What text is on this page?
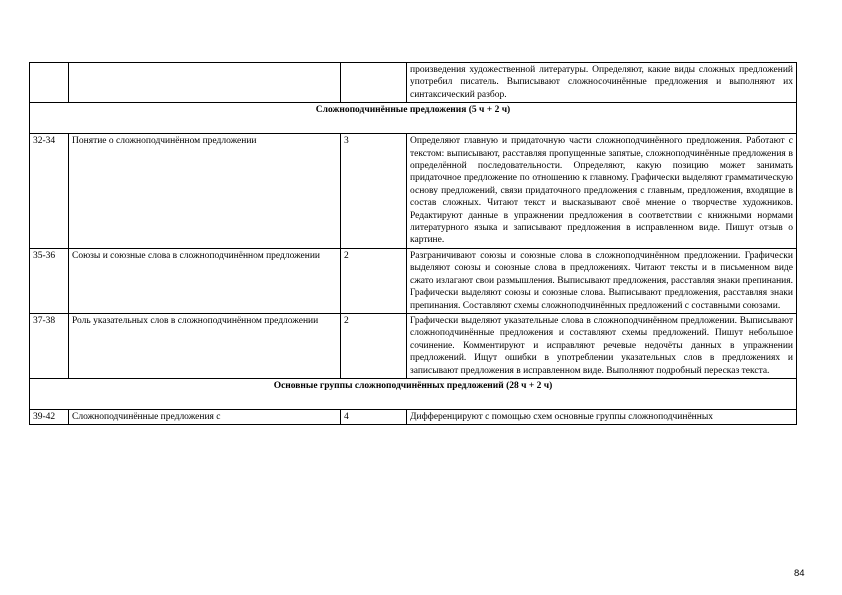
			произведения художественной литературы. Определяют, какие виды сложных предложений употребил писатель. Выписывают сложносочинённые предложения и выполняют их синтаксический разбор.
Сложноподчинённые предложения (5 ч + 2 ч)			
32-34	Понятие о сложноподчинённом предложении	3	Определяют главную и придаточную части сложноподчинённого предложения. Работают с текстом: выписывают, расставляя пропущенные запятые, сложноподчинённые предложения в определённой последовательности. Определяют, какую позицию может занимать придаточное предложение по отношению к главному. Графически выделяют грамматическую основу предложений, связи придаточного предложения с главным, предложения, входящие в состав сложных. Читают текст и высказывают своё мнение о творчестве художников. Редактируют данные в упражнении предложения в соответствии с книжными нормами литературного языка и записывают предложения в исправленном виде. Пишут отзыв о картине.
35-36	Союзы и союзные слова в сложноподчинённом предложении	2	Разграничивают союзы и союзные слова в сложноподчинённом предложении. Графически выделяют союзы и союзные слова в предложениях. Читают тексты и в письменном виде сжато излагают свои размышления. Выписывают предложения, расставляя знаки препинания. Графически выделяют союзы и союзные слова. Выписывают предложения, расставляя знаки препинания. Составляют схемы сложноподчинённых предложений с составными союзами.
37-38	Роль указательных слов в сложноподчинённом предложении	2	Графически выделяют указательные слова в сложноподчинённом предложении. Выписывают сложноподчинённые предложения и составляют схемы предложений. Пишут небольшое сочинение. Комментируют и исправляют речевые недочёты данных в упражнении предложений. Ищут ошибки в употреблении указательных слов в предложениях и записывают предложения в исправленном виде. Выполняют подробный пересказ текста.
Основные группы сложноподчинённых предложений (28 ч + 2 ч)			
39-42	Сложноподчинённые предложения с	4	Дифференцируют с помощью схем основные группы сложноподчинённых
84
